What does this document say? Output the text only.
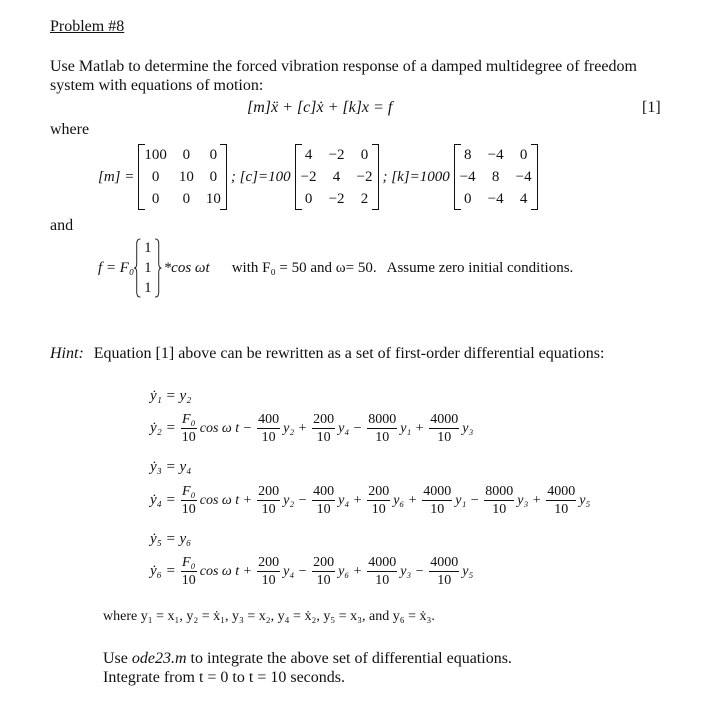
Problem #8
Use Matlab to determine the forced vibration response of a damped multidegree of freedom
system with equations of motion:
[m]ẍ + [c]ẋ + [k]x = f	[1]
where
[m] =
100	0	0
0	10	0
0	0	10
; [c]=100
4	−2	0
−2	4	−2
0	−2	2
; [k]=1000
8	−4	0
−4	8	−4
0	−4	4
and
f = F₀
1
1
1
*cos ωt with F₀ = 50 and ω= 50. Assume zero initial conditions.
Hint: Equation [1] above can be rewritten as a set of first-order differential equations:
ẏ₁ = y₂
ẏ₂ = $\frac{\text{F₀}}{10}$ cos ω $t - \frac{400}{10} y_2 + \frac{200}{10} y_4 - \frac{8000}{10} y_1 + \frac{4000}{10} y_3$
ẏ₃ = y₄
ẏ₄ = $\frac{\text{F₀}}{10}$ cos ω $t + \frac{200}{10} y_2 - \frac{400}{10} y_4 + \frac{200}{10} y_6 + \frac{4000}{10} y_1 - \frac{8000}{10} y_3 + \frac{4000}{10} y_5$
ẏ₅ = y₆
ẏ₆ = $\frac{\text{F₀}}{10}$ cos ω $t + \frac{200}{10} y_4 - \frac{200}{10} y_6 + \frac{4000}{10} y_3 - \frac{4000}{10} y_5$
where y₁ = x₁, y₂ = ẋ₁, y₃ = x₂, y₄ = ẋ₂, y₅ = x₃, and y₆ = ẋ₃.
Use ode23.m to integrate the above set of differential equations.
Integrate from t = 0 to t = 10 seconds.
